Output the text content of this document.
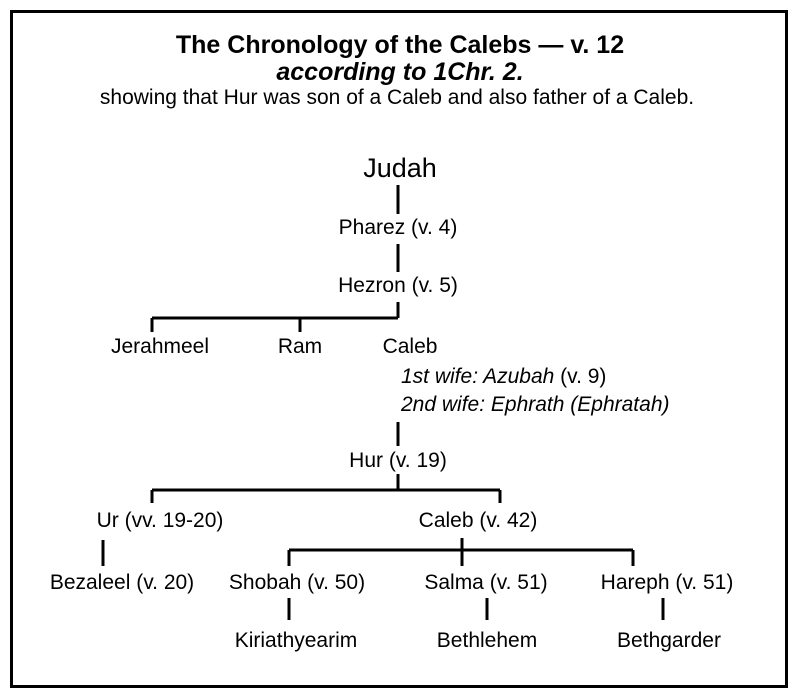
The Chronology of the Calebs — v. 12
according to 1Chr. 2.
showing that Hur was son of a Caleb and also father of a Caleb.
Judah
Pharez (v. 4)
Hezron (v. 5)
Jerahmeel	Ram	Caleb
1st wife: Azubah (v. 9)
2nd wife: Ephrath (Ephratah)
Hur (v. 19)
Ur (vv. 19-20)	Caleb (v. 42)
Bezaleel (v. 20) Shobah (v. 50)	Salma (v. 51)	Hareph (v. 51)
Kiriathyearim	Bethlehem	Bethgarder
